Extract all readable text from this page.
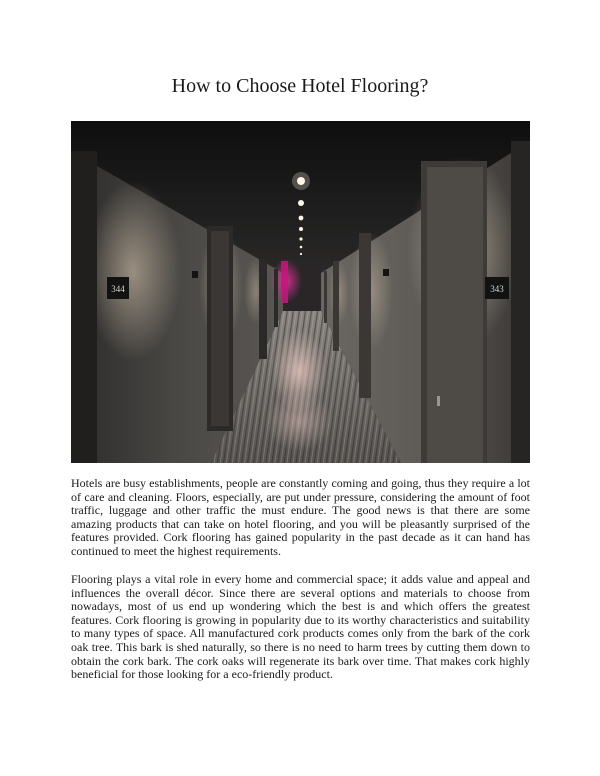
How to Choose Hotel Flooring?
344	343

Hotels are busy establishments, people are constantly coming and going, thus they require a lot of care and cleaning. Floors, especially, are put under pressure, considering the amount of foot traffic, luggage and other traffic the must endure. The good news is that there are some amazing products that can take on hotel flooring, and you will be pleasantly surprised of the features provided. Cork flooring has gained popularity in the past decade as it can hand has continued to meet the highest requirements.

Flooring plays a vital role in every home and commercial space; it adds value and appeal and influences the overall décor. Since there are several options and materials to choose from nowadays, most of us end up wondering which the best is and which offers the greatest features. Cork flooring is growing in popularity due to its worthy characteristics and suitability to many types of space. All manufactured cork products comes only from the bark of the cork oak tree. This bark is shed naturally, so there is no need to harm trees by cutting them down to obtain the cork bark. The cork oaks will regenerate its bark over time. That makes cork highly beneficial for those looking for a eco-friendly product.
